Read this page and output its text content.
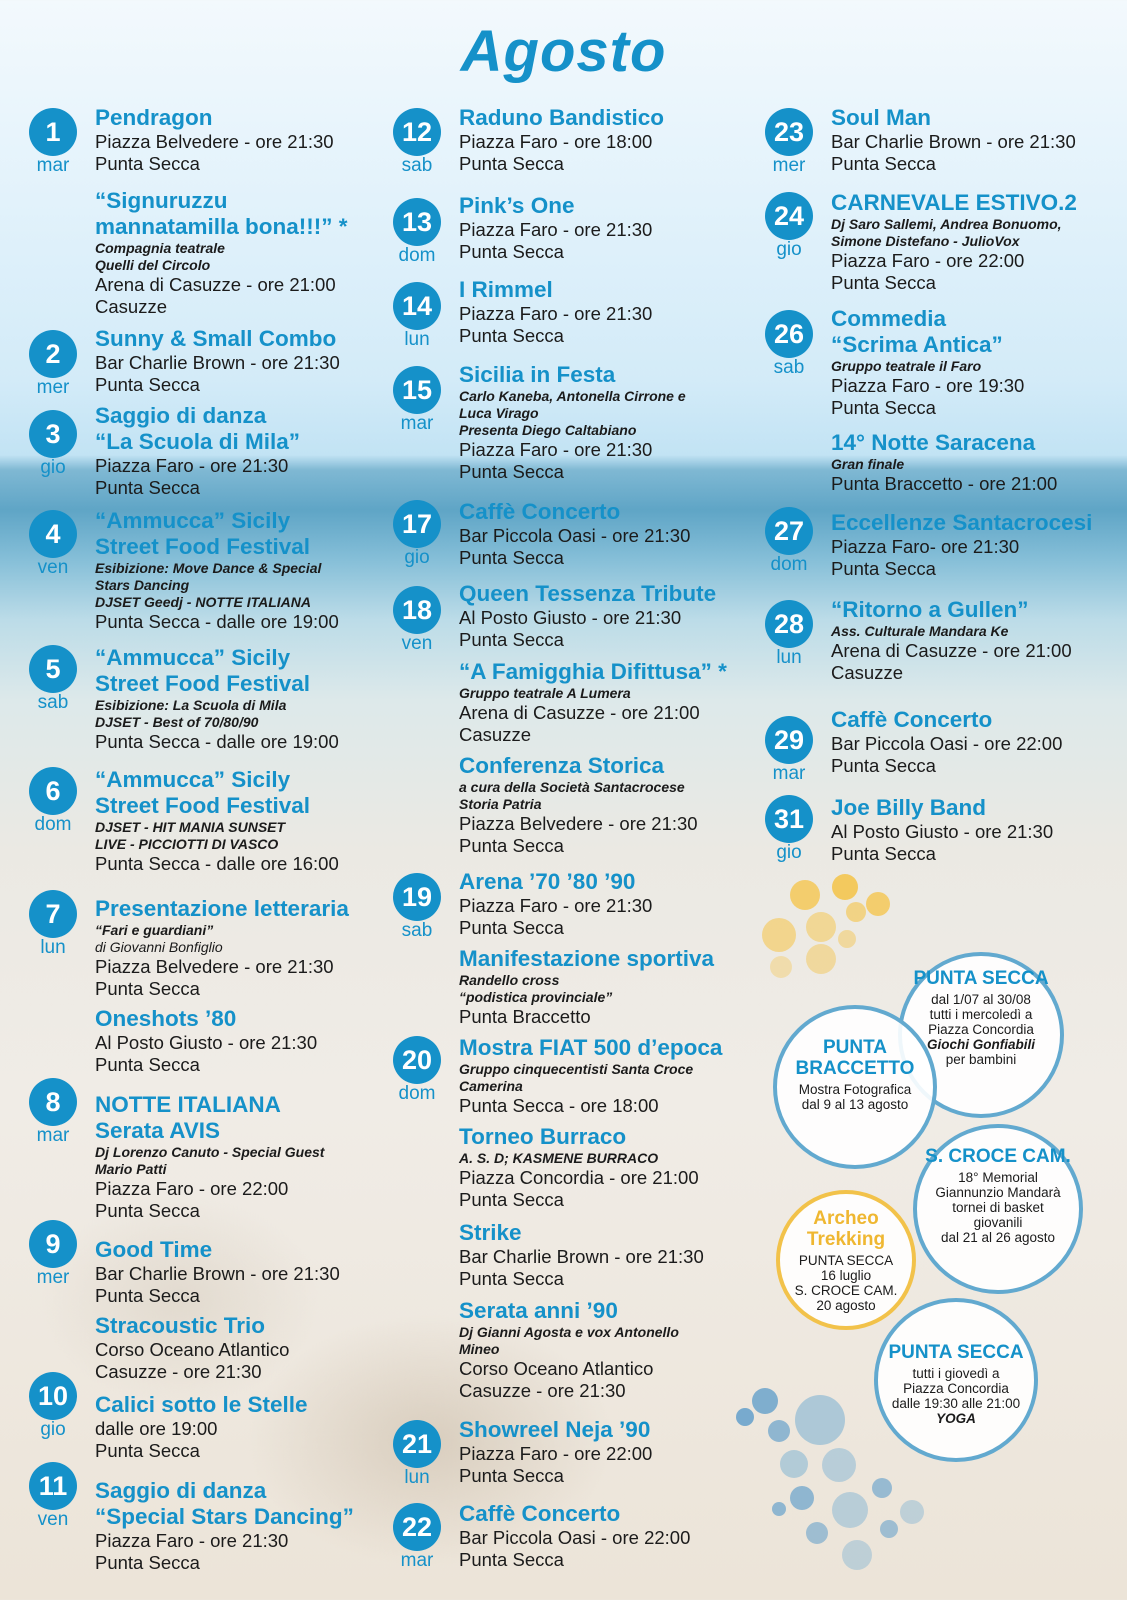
Agosto
1
mar
2
mer
3
gio
4
ven
5
sab
6
dom
7
lun
8
mar
9
mer
10
gio
11
ven
Pendragon
Piazza Belvedere - ore 21:30
Punta Secca
“Signuruzzu
mannatamilla bona!!!” *
Compagnia teatrale
Quelli del Circolo
Arena di Casuzze - ore 21:00
Casuzze
Sunny & Small Combo
Bar Charlie Brown - ore 21:30
Punta Secca
Saggio di danza
“La Scuola di Mila”
Piazza Faro - ore 21:30
Punta Secca
“Ammucca” Sicily
Street Food Festival
Esibizione: Move Dance & Special
Stars Dancing
DJSET Geedj - NOTTE ITALIANA
Punta Secca - dalle ore 19:00
“Ammucca” Sicily
Street Food Festival
Esibizione: La Scuola di Mila
DJSET - Best of 70/80/90
Punta Secca - dalle ore 19:00
“Ammucca” Sicily
Street Food Festival
DJSET - HIT MANIA SUNSET
LIVE - PICCIOTTI DI VASCO
Punta Secca - dalle ore 16:00
Presentazione letteraria
“Fari e guardiani”
di Giovanni Bonfiglio
Piazza Belvedere - ore 21:30
Punta Secca
Oneshots ’80
Al Posto Giusto - ore 21:30
Punta Secca
NOTTE ITALIANA
Serata AVIS
Dj Lorenzo Canuto - Special Guest
Mario Patti
Piazza Faro - ore 22:00
Punta Secca
Good Time
Bar Charlie Brown - ore 21:30
Punta Secca
Stracoustic Trio
Corso Oceano Atlantico
Casuzze - ore 21:30
Calici sotto le Stelle
dalle ore 19:00
Punta Secca
Saggio di danza
“Special Stars Dancing”
Piazza Faro - ore 21:30
Punta Secca
12
sab
13
dom
14
lun
15
mar
17
gio
18
ven
19
sab
20
dom
21
lun
22
mar
Raduno Bandistico
Piazza Faro - ore 18:00
Punta Secca
Pink’s One
Piazza Faro - ore 21:30
Punta Secca
I Rimmel
Piazza Faro - ore 21:30
Punta Secca
Sicilia in Festa
Carlo Kaneba, Antonella Cirrone e
Luca Virago
Presenta Diego Caltabiano
Piazza Faro - ore 21:30
Punta Secca
Caffè Concerto
Bar Piccola Oasi - ore 21:30
Punta Secca
Queen Tessenza Tribute
Al Posto Giusto - ore 21:30
Punta Secca
“A Famigghia Difittusa” *
Gruppo teatrale A Lumera
Arena di Casuzze - ore 21:00
Casuzze
Conferenza Storica
a cura della Società Santacrocese
Storia Patria
Piazza Belvedere - ore 21:30
Punta Secca
Arena ’70 ’80 ’90
Piazza Faro - ore 21:30
Punta Secca
Manifestazione sportiva
Randello cross
“podistica provinciale”
Punta Braccetto
Mostra FIAT 500 d’epoca
Gruppo cinquecentisti Santa Croce
Camerina
Punta Secca - ore 18:00
Torneo Burraco
A. S. D; KASMENE BURRACO
Piazza Concordia - ore 21:00
Punta Secca
Strike
Bar Charlie Brown - ore 21:30
Punta Secca
Serata anni ’90
Dj Gianni Agosta e vox Antonello
Mineo
Corso Oceano Atlantico
Casuzze - ore 21:30
Showreel Neja ’90
Piazza Faro - ore 22:00
Punta Secca
Caffè Concerto
Bar Piccola Oasi - ore 22:00
Punta Secca
23
mer
24
gio
26
sab
27
dom
28
lun
29
mar
31
gio
Soul Man
Bar Charlie Brown - ore 21:30
Punta Secca
CARNEVALE ESTIVO.2
Dj Saro Sallemi, Andrea Bonuomo,
Simone Distefano - JulioVox
Piazza Faro - ore 22:00
Punta Secca
Commedia
“Scrima Antica”
Gruppo teatrale il Faro
Piazza Faro - ore 19:30
Punta Secca
14° Notte Saracena
Gran finale
Punta Braccetto - ore 21:00
Eccellenze Santacrocesi
Piazza Faro- ore 21:30
Punta Secca
“Ritorno a Gullen”
Ass. Culturale Mandara Ke
Arena di Casuzze - ore 21:00
Casuzze
Caffè Concerto
Bar Piccola Oasi - ore 22:00
Punta Secca
Joe Billy Band
Al Posto Giusto - ore 21:30
Punta Secca
PUNTA SECCA
dal 1/07 al 30/08
tutti i mercoledì a
Piazza Concordia
Giochi Gonfiabili
per bambini
PUNTA
BRACCETTO
Mostra Fotografica
dal 9 al 13 agosto
S. CROCE CAM.
18° Memorial
Giannunzio Mandarà
tornei di basket
giovanili
dal 21 al 26 agosto
Archeo
Trekking
PUNTA SECCA
16 luglio
S. CROCE CAM.
20 agosto
PUNTA SECCA
tutti i giovedì a
Piazza Concordia
dalle 19:30 alle 21:00
YOGA
